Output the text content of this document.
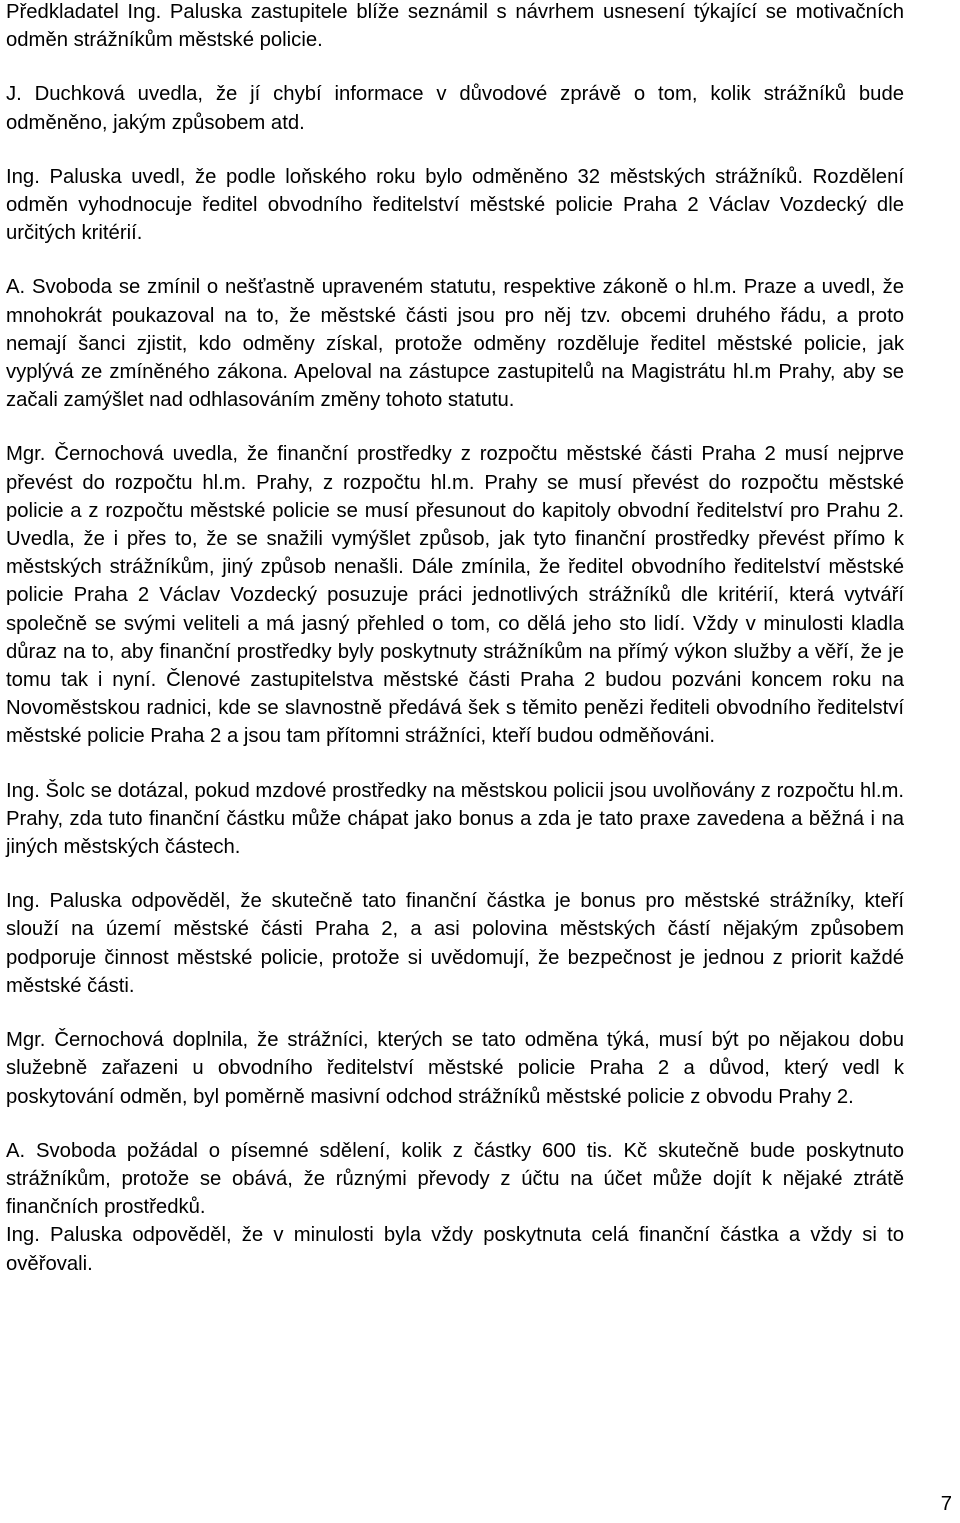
Předkladatel Ing. Paluska zastupitele blíže seznámil s návrhem usnesení týkající se motivačních odměn strážníkům městské policie.

J. Duchková uvedla, že jí chybí informace v důvodové zprávě o tom, kolik strážníků bude odměněno, jakým způsobem atd.

Ing. Paluska uvedl, že podle loňského roku bylo odměněno 32 městských strážníků. Rozdělení odměn vyhodnocuje ředitel obvodního ředitelství městské policie Praha 2 Václav Vozdecký dle určitých kritérií.

A. Svoboda se zmínil o nešťastně upraveném statutu, respektive zákoně o hl.m. Praze a uvedl, že mnohokrát poukazoval na to, že městské části jsou pro něj tzv. obcemi druhého řádu, a proto nemají šanci zjistit, kdo odměny získal, protože odměny rozděluje ředitel městské policie, jak vyplývá ze zmíněného zákona. Apeloval na zástupce zastupitelů na Magistrátu hl.m Prahy, aby se začali zamýšlet nad odhlasováním změny tohoto statutu.

Mgr. Černochová uvedla, že finanční prostředky z rozpočtu městské části Praha 2 musí nejprve převést do rozpočtu hl.m. Prahy, z rozpočtu hl.m. Prahy se musí převést do rozpočtu městské policie a z rozpočtu městské policie se musí přesunout do kapitoly obvodní ředitelství pro Prahu 2. Uvedla, že i přes to, že se snažili vymýšlet způsob, jak tyto finanční prostředky převést přímo k městských strážníkům, jiný způsob nenašli. Dále zmínila, že ředitel obvodního ředitelství městské policie Praha 2 Václav Vozdecký posuzuje práci jednotlivých strážníků dle kritérií, která vytváří společně se svými veliteli a má jasný přehled o tom, co dělá jeho sto lidí. Vždy v minulosti kladla důraz na to, aby finanční prostředky byly poskytnuty strážníkům na přímý výkon služby a věří, že je tomu tak i nyní. Členové zastupitelstva městské části Praha 2 budou pozváni koncem roku na Novoměstskou radnici, kde se slavnostně předává šek s těmito penězi řediteli obvodního ředitelství městské policie Praha 2 a jsou tam přítomni strážníci, kteří budou odměňováni.

Ing. Šolc se dotázal, pokud mzdové prostředky na městskou policii jsou uvolňovány z rozpočtu hl.m. Prahy, zda tuto finanční částku může chápat jako bonus a zda je tato praxe zavedena a běžná i na jiných městských částech.

Ing. Paluska odpověděl, že skutečně tato finanční částka je bonus pro městské strážníky, kteří slouží na území městské části Praha 2, a asi polovina městských částí nějakým způsobem podporuje činnost městské policie, protože si uvědomují, že bezpečnost je jednou z priorit každé městské části.

Mgr. Černochová doplnila, že strážníci, kterých se tato odměna týká, musí být po nějakou dobu služebně zařazeni u obvodního ředitelství městské policie Praha 2 a důvod, který vedl k poskytování odměn, byl poměrně masivní odchod strážníků městské policie z obvodu Prahy 2.

A. Svoboda požádal o písemné sdělení, kolik z částky 600 tis. Kč skutečně bude poskytnuto strážníkům, protože se obává, že různými převody z účtu na účet může dojít k nějaké ztrátě finančních prostředků.

Ing. Paluska odpověděl, že v minulosti byla vždy poskytnuta celá finanční částka a vždy si to ověřovali.

7
